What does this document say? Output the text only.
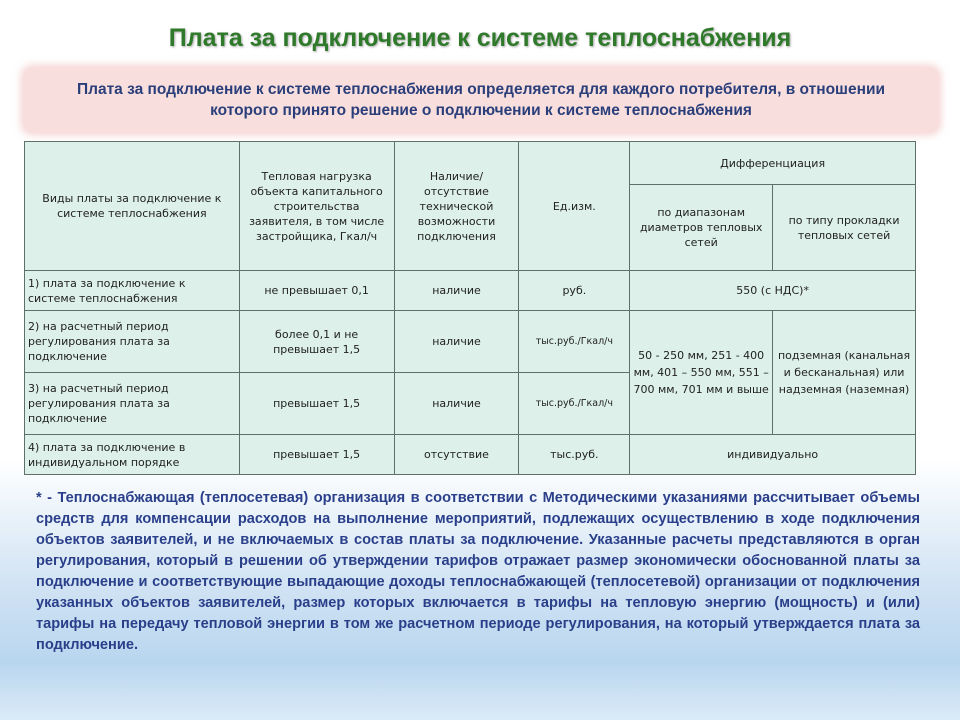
Плата за подключение к системе теплоснабжения
Плата за подключение к системе теплоснабжения определяется для каждого потребителя, в отношении которого принято решение о подключении к системе теплоснабжения
Виды платы за подключение к системе теплоснабжения	Тепловая нагрузка объекта капитального строительства заявителя, в том числе застройщика, Гкал/ч	Наличие/ отсутствие технической возможности подключения	Ед.изм.	Дифференциация	
				по диапазонам диаметров тепловых сетей	по типу прокладки тепловых сетей
1) плата за подключение к системе теплоснабжения	не превышает 0,1	наличие	руб.	550 (с НДС)*	
2) на расчетный период регулирования плата за подключение	более 0,1 и не превышает 1,5	наличие	тыс.руб./Гкал/ч	50 - 250 мм, 251 - 400 мм, 401 – 550 мм, 551 – 700 мм, 701 мм и выше	подземная (канальная и бесканальная) или надземная (наземная)
3) на расчетный период регулирования плата за подключение	превышает 1,5	наличие	тыс.руб./Гкал/ч		
4) плата за подключение в индивидуальном порядке	превышает 1,5	отсутствие	тыс.руб.	индивидуально	
* - Теплоснабжающая (теплосетевая) организация в соответствии с Методическими указаниями рассчитывает объемы средств для компенсации расходов на выполнение мероприятий, подлежащих осуществлению в ходе подключения объектов заявителей, и не включаемых в состав платы за подключение. Указанные расчеты представляются в орган регулирования, который в решении об утверждении тарифов отражает размер экономически обоснованной платы за подключение и соответствующие выпадающие доходы теплоснабжающей (теплосетевой) организации от подключения указанных объектов заявителей, размер которых включается в тарифы на тепловую энергию (мощность) и (или) тарифы на передачу тепловой энергии в том же расчетном периоде регулирования, на который утверждается плата за подключение.
